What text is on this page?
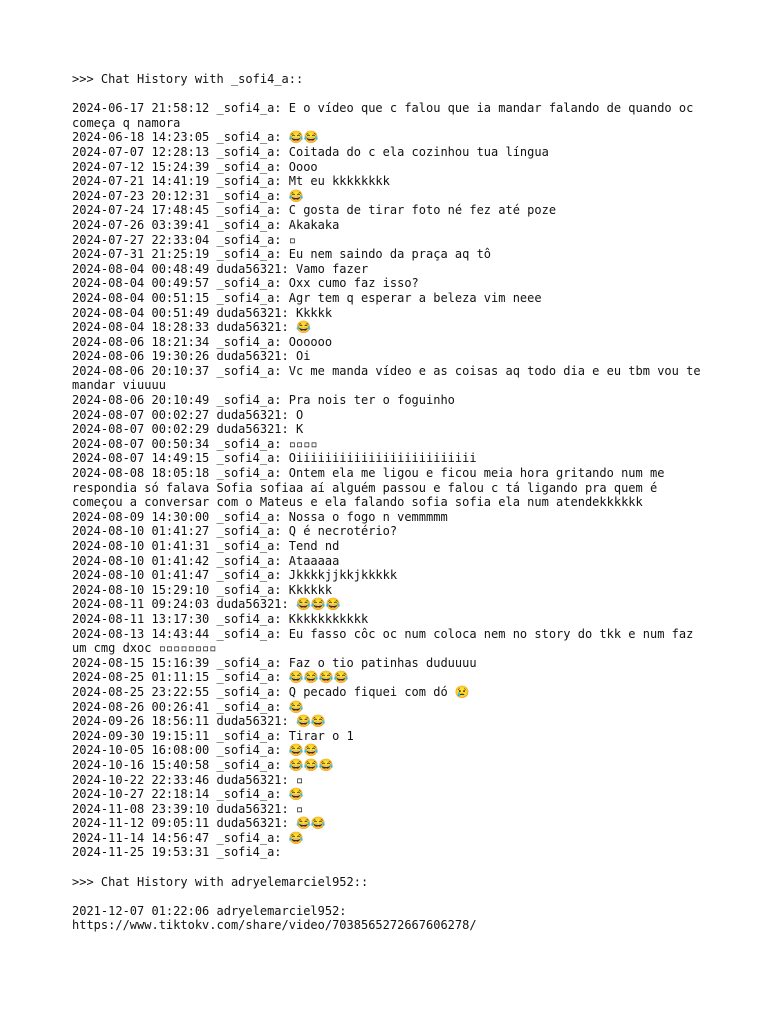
>>> Chat History with _sofi4_a::
2024-06-17 21:58:12 _sofi4_a: E o vídeo que c falou que ia mandar falando de quando oc começa q namora
2024-06-18 14:23:05 _sofi4_a: 😂😂
2024-07-07 12:28:13 _sofi4_a: Coitada do c ela cozinhou tua língua
2024-07-12 15:24:39 _sofi4_a: Oooo
2024-07-21 14:41:19 _sofi4_a: Mt eu kkkkkkkk
2024-07-23 20:12:31 _sofi4_a: 😂
2024-07-24 17:48:45 _sofi4_a: C gosta de tirar foto né fez até poze
2024-07-26 03:39:41 _sofi4_a: Akakaka
2024-07-27 22:33:04 _sofi4_a: ▫
2024-07-31 21:25:19 _sofi4_a: Eu nem saindo da praça aq tô
2024-08-04 00:48:49 duda56321: Vamo fazer
2024-08-04 00:49:57 _sofi4_a: Oxx cumo faz isso?
2024-08-04 00:51:15 _sofi4_a: Agr tem q esperar a beleza vim neee
2024-08-04 00:51:49 duda56321: Kkkkk
2024-08-04 18:28:33 duda56321: 😂
2024-08-06 18:21:34 _sofi4_a: Oooooo
2024-08-06 19:30:26 duda56321: Oi
2024-08-06 20:10:37 _sofi4_a: Vc me manda vídeo e as coisas aq todo dia e eu tbm vou te mandar viuuuu
2024-08-06 20:10:49 _sofi4_a: Pra nois ter o foguinho
2024-08-07 00:02:27 duda56321: O
2024-08-07 00:02:29 duda56321: K
2024-08-07 00:50:34 _sofi4_a: ▫▫▫▫
2024-08-07 14:49:15 _sofi4_a: Oiiiiiiiiiiiiiiiiiiiiiiiii
2024-08-08 18:05:18 _sofi4_a: Ontem ela me ligou e ficou meia hora gritando num me respondia só falava Sofia sofiaa aí alguém passou e falou c tá ligando pra quem é começou a conversar com o Mateus e ela falando sofia sofia ela num atendekkkkkk
2024-08-09 14:30:00 _sofi4_a: Nossa o fogo n vemmmmm
2024-08-10 01:41:27 _sofi4_a: Q é necrotério?
2024-08-10 01:41:31 _sofi4_a: Tend nd
2024-08-10 01:41:42 _sofi4_a: Ataaaaa
2024-08-10 01:41:47 _sofi4_a: Jkkkkjjkkjkkkkk
2024-08-10 15:29:10 _sofi4_a: Kkkkkk
2024-08-11 09:24:03 duda56321: 😂😂😂
2024-08-11 13:17:30 _sofi4_a: Kkkkkkkkkkk
2024-08-13 14:43:44 _sofi4_a: Eu fasso côc oc num coloca nem no story do tkk e num faz um cmg dxoc ▫▫▫▫▫▫▫▫
2024-08-15 15:16:39 _sofi4_a: Faz o tio patinhas duduuuu
2024-08-25 01:11:15 _sofi4_a: 😂😂😂😂
2024-08-25 23:22:55 _sofi4_a: Q pecado fiquei com dó 😢
2024-08-26 00:26:41 _sofi4_a: 😂
2024-09-26 18:56:11 duda56321: 😂😂
2024-09-30 19:15:11 _sofi4_a: Tirar o 1
2024-10-05 16:08:00 _sofi4_a: 😂😂
2024-10-16 15:40:58 _sofi4_a: 😂😂😂
2024-10-22 22:33:46 duda56321: ▫
2024-10-27 22:18:14 _sofi4_a: 😂
2024-11-08 23:39:10 duda56321: ▫
2024-11-12 09:05:11 duda56321: 😂😂
2024-11-14 14:56:47 _sofi4_a: 😂
2024-11-25 19:53:31 _sofi4_a:
>>> Chat History with adryelemarciel952::
2021-12-07 01:22:06 adryelemarciel952: https://www.tiktokv.com/share/video/7038565272667606278/
